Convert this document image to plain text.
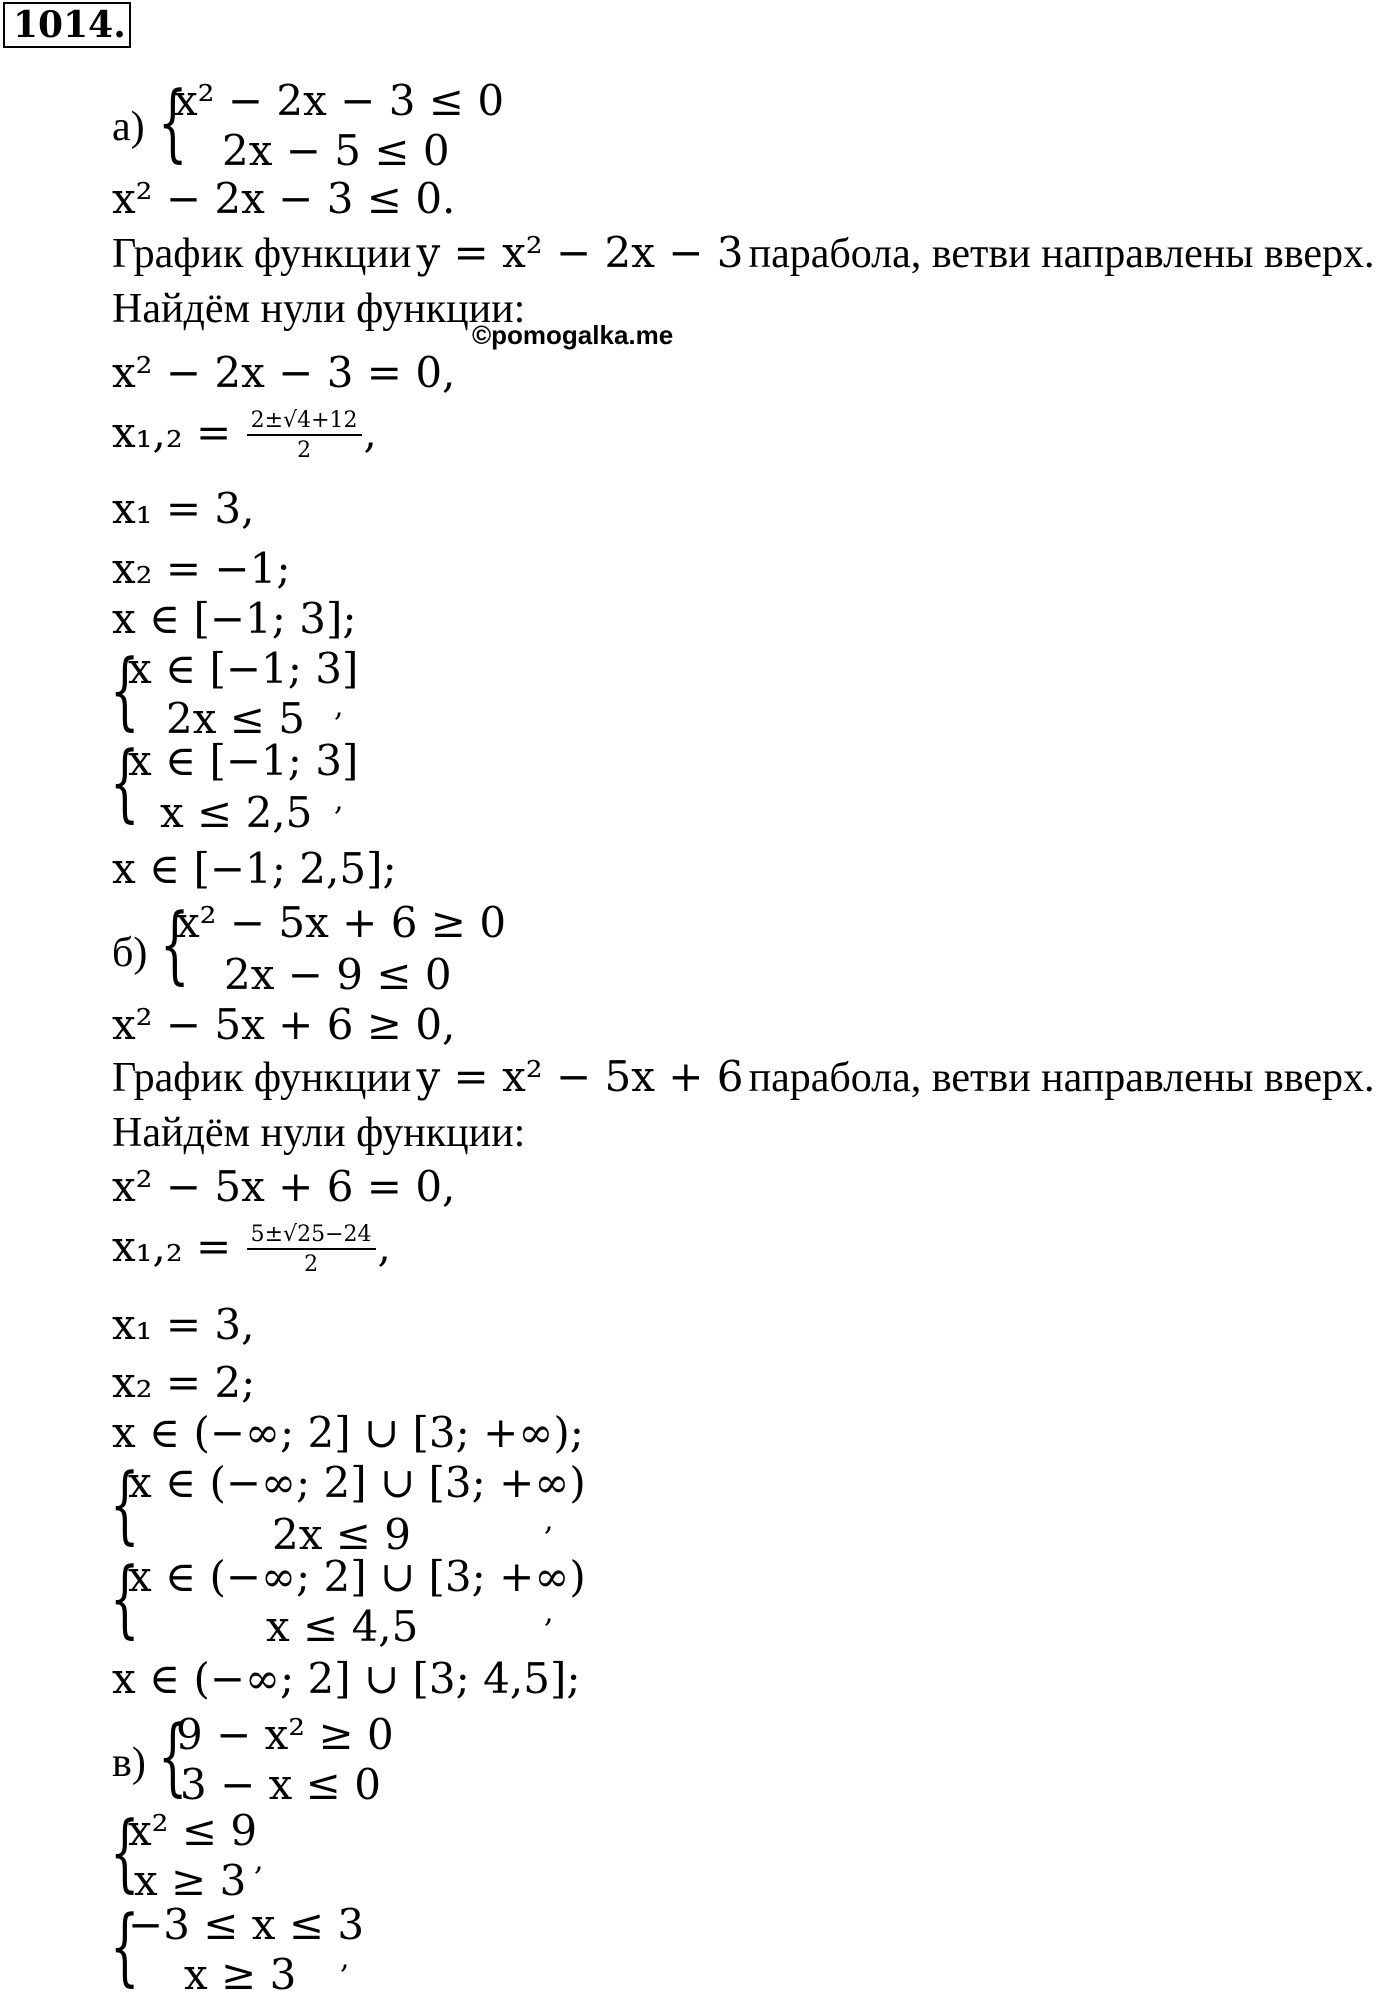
1014.
©pomogalka.me
а) {
x² − 2x − 3 ≤ 0
2x − 5 ≤ 0
x² − 2x − 3 ≤ 0.
График функции y = x² − 2x − 3 парабола, ветви направлены вверх.
Найдём нули функции:
x² − 2x − 3 = 0,
$x_1,_2 = \frac{2\pm√4+12}{2}$ ,
x₁ = 3,
x₂ = −1;
x ∈ [−1; 3];
{
x ∈ [−1; 3]
2x ≤ 5 ,
{
x ∈ [−1; 3]
x ≤ 2,5 ,
x ∈ [−1; 2,5];
б) {
x² − 5x + 6 ≥ 0
2x − 9 ≤ 0
x² − 5x + 6 ≥ 0,
График функции y = x² − 5x + 6 парабола, ветви направлены вверх.
Найдём нули функции:
x² − 5x + 6 = 0,
$x_1,_2 = \frac{5\pm√25-24}{2}$ ,
x₁ = 3,
x₂ = 2;
x ∈ (−∞; 2] ∪ [3; +∞);
{
x ∈ (−∞; 2] ∪ [3; +∞)
2x ≤ 9	,
{
x ∈ (−∞; 2] ∪ [3; +∞)
x ≤ 4,5	,
x ∈ (−∞; 2] ∪ [3; 4,5];
в) {
9 − x² ≥ 0
3 − x ≤ 0
{
x² ≤ 9
x ≥ 3 ,
{
−3 ≤ x ≤ 3
x ≥ 3 ,
